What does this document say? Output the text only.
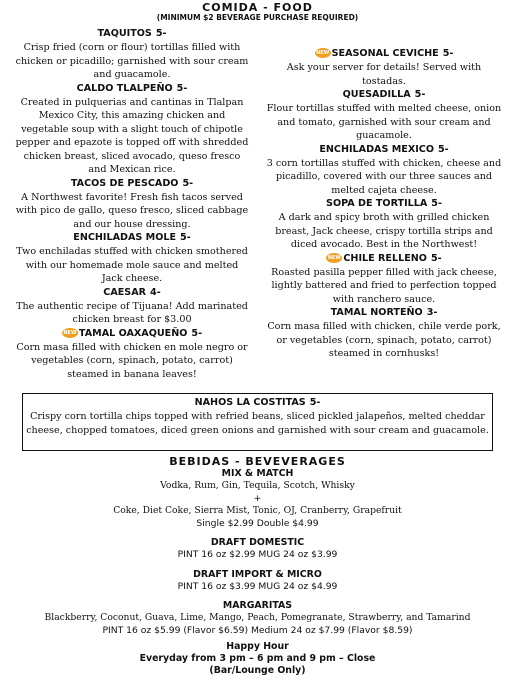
COMIDA - FOOD
(MINIMUM $2 BEVERAGE PURCHASE REQUIRED)
TAQUITOS 5-
Crisp fried (corn or flour) tortillas filled with chicken or picadillo; garnished with sour cream and guacamole.
CALDO TLALPEÑO 5-
Created in pulquerias and cantinas in Tlalpan Mexico City, this amazing chicken and vegetable soup with a slight touch of chipotle pepper and epazote is topped off with shredded chicken breast, sliced avocado, queso fresco and Mexican rice.
TACOS DE PESCADO 5-
A Northwest favorite! Fresh fish tacos served with pico de gallo, queso fresco, sliced cabbage and our house dressing.
ENCHILADAS MOLE 5-
Two enchiladas stuffed with chicken smothered with our homemade mole sauce and melted Jack cheese.
CAESAR 4-
The authentic recipe of Tijuana! Add marinated chicken breast for $3.00
NEW TAMAL OAXAQUEÑO 5-
Corn masa filled with chicken en mole negro or vegetables (corn, spinach, potato, carrot) steamed in banana leaves!
NEW SEASONAL CEVICHE 5-
Ask your server for details! Served with tostadas.
QUESADILLA 5-
Flour tortillas stuffed with melted cheese, onion and tomato, garnished with sour cream and guacamole.
ENCHILADAS MEXICO 5-
3 corn tortillas stuffed with chicken, cheese and picadillo, covered with our three sauces and melted cajeta cheese.
SOPA DE TORTILLA 5-
A dark and spicy broth with grilled chicken breast, Jack cheese, crispy tortilla strips and diced avocado. Best in the Northwest!
NEW CHILE RELLENO 5-
Roasted pasilla pepper filled with jack cheese, lightly battered and fried to perfection topped with ranchero sauce.
TAMAL NORTEÑO 3-
Corn masa filled with chicken, chile verde pork, or vegetables (corn, spinach, potato, carrot) steamed in cornhusks!
NAHOS LA COSTITAS 5-
Crispy corn tortilla chips topped with refried beans, sliced pickled jalapeños, melted cheddar cheese, chopped tomatoes, diced green onions and garnished with sour cream and guacamole.
BEBIDAS - BEVEVERAGES
MIX & MATCH
Vodka, Rum, Gin, Tequila, Scotch, Whisky
+
Coke, Diet Coke, Sierra Mist, Tonic, OJ, Cranberry, Grapefruit
Single $2.99 Double $4.99
DRAFT DOMESTIC
PINT 16 oz $2.99 MUG 24 oz $3.99
DRAFT IMPORT & MICRO
PINT 16 oz $3.99 MUG 24 oz $4.99
MARGARITAS
Blackberry, Coconut, Guava, Lime, Mango, Peach, Pomegranate, Strawberry, and Tamarind
PINT 16 oz $5.99 (Flavor $6.59) Medium 24 oz $7.99 (Flavor $8.59)
Happy Hour
Everyday from 3 pm – 6 pm and 9 pm – Close
(Bar/Lounge Only)
